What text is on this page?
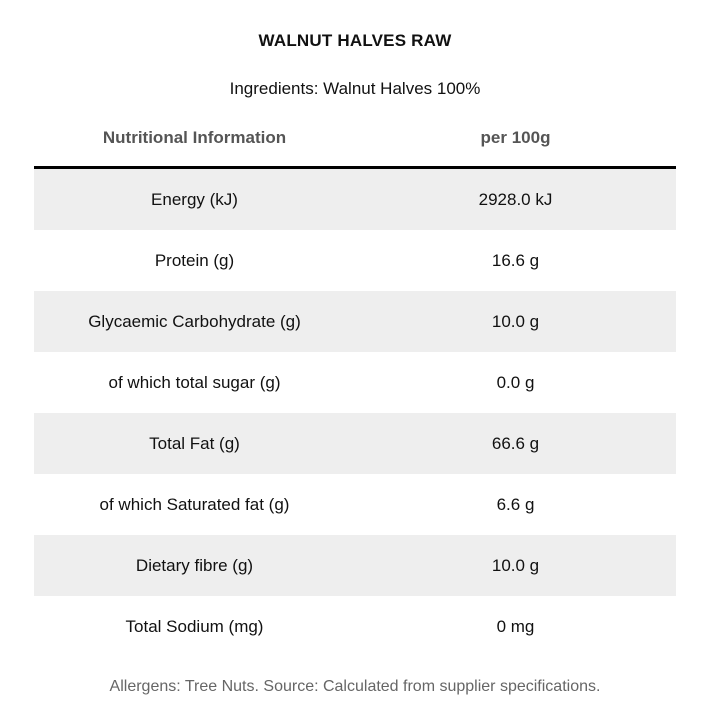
WALNUT HALVES RAW
Ingredients: Walnut Halves 100%
Nutritional Information	per 100g
Energy (kJ)	2928.0 kJ
Protein (g)	16.6 g
Glycaemic Carbohydrate (g)	10.0 g
of which total sugar (g)	0.0 g
Total Fat (g)	66.6 g
of which Saturated fat (g)	6.6 g
Dietary fibre (g)	10.0 g
Total Sodium (mg)	0 mg
Allergens: Tree Nuts. Source: Calculated from supplier specifications.
